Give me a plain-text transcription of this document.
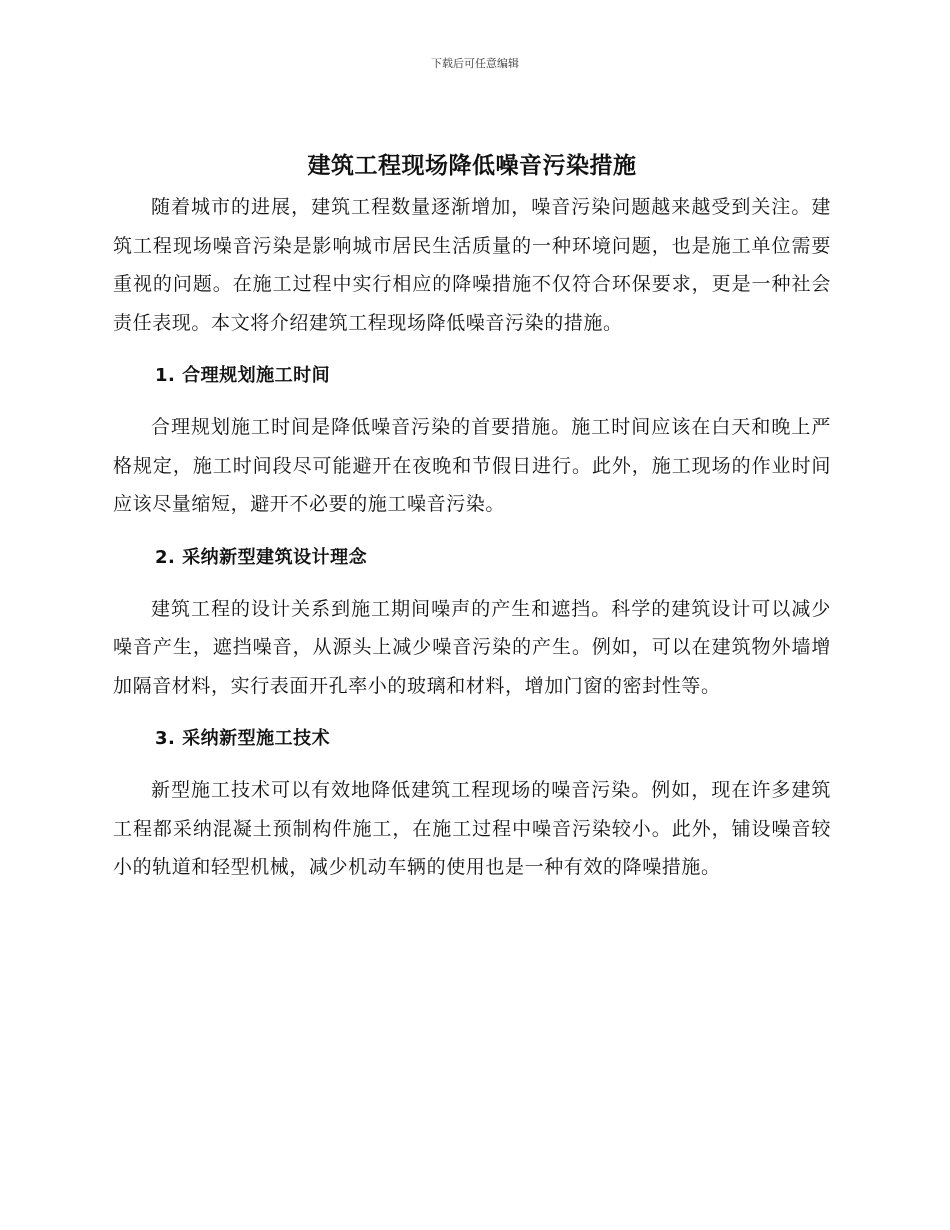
下载后可任意编辑
建筑工程现场降低噪音污染措施

随着城市的进展，建筑工程数量逐渐增加，噪音污染问题越来越受到关注。建筑工程现场噪音污染是影响城市居民生活质量的一种环境问题，也是施工单位需要重视的问题。在施工过程中实行相应的降噪措施不仅符合环保要求，更是一种社会责任表现。本文将介绍建筑工程现场降低噪音污染的措施。

1. 合理规划施工时间

合理规划施工时间是降低噪音污染的首要措施。施工时间应该在白天和晚上严格规定，施工时间段尽可能避开在夜晚和节假日进行。此外，施工现场的作业时间应该尽量缩短，避开不必要的施工噪音污染。

2. 采纳新型建筑设计理念

建筑工程的设计关系到施工期间噪声的产生和遮挡。科学的建筑设计可以减少噪音产生，遮挡噪音，从源头上减少噪音污染的产生。例如，可以在建筑物外墙增加隔音材料，实行表面开孔率小的玻璃和材料，增加门窗的密封性等。

3. 采纳新型施工技术

新型施工技术可以有效地降低建筑工程现场的噪音污染。例如，现在许多建筑工程都采纳混凝土预制构件施工，在施工过程中噪音污染较小。此外，铺设噪音较小的轨道和轻型机械，减少机动车辆的使用也是一种有效的降噪措施。
